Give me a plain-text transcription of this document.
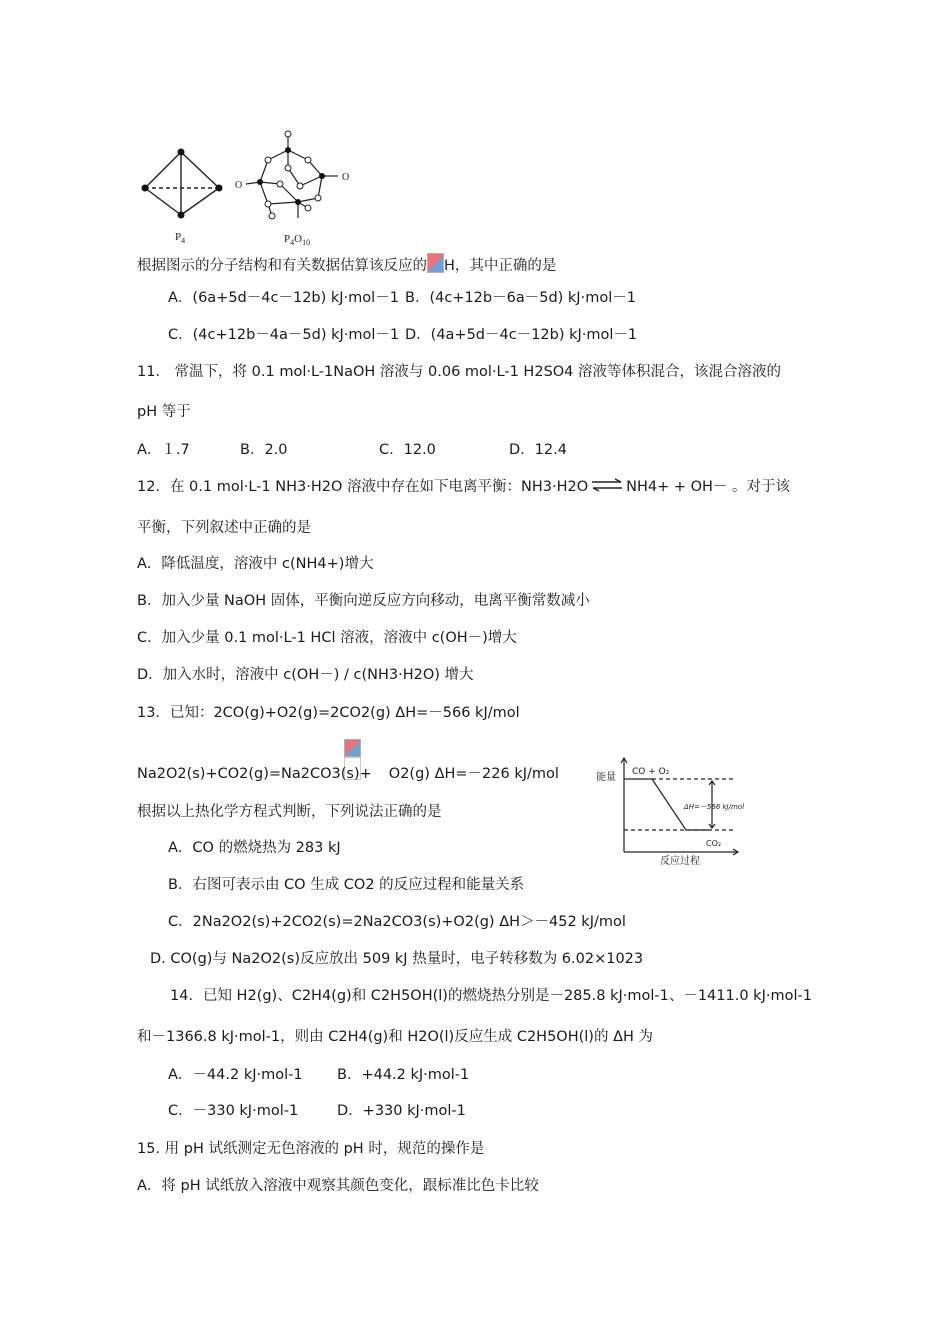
$P_4$
O
O
$P_4O_{10}$
根据图示的分子结构和有关数据估算该反应的 H，其中正确的是
A．(6a+5d－4c－12b) kJ·mol－1 B．(4c+12b－6a－5d) kJ·mol－1
C．(4c+12b－4a－5d) kJ·mol－1 D．(4a+5d－4c－12b) kJ·mol－1
11． 常温下，将 0.1 mol·L-1NaOH 溶液与 0.06 mol·L-1 H2SO4 溶液等体积混合，该混合溶液的
pH 等于
A．１.7	B．2.0	C．12.0	D．12.4
12．在 0.1 mol·L-1 NH3·H2O 溶液中存在如下电离平衡：NH3·H2O ⇌ NH4+ + OH－ 。对于该
平衡，下列叙述中正确的是
A．降低温度，溶液中 c(NH4+)增大
B．加入少量 NaOH 固体，平衡向逆反应方向移动，电离平衡常数减小
C．加入少量 0.1 mol·L-1 HCl 溶液，溶液中 c(OH－)增大
D．加入水时，溶液中 c(OH－) / c(NH3·H2O) 增大
13．已知：2CO(g)+O2(g)=2CO2(g) ΔH=－566 kJ/mol
Na2O2(s)+CO2(g)=Na2CO3(s)+ O2(g) ΔH=－226 kJ/mol
根据以上热化学方程式判断，下列说法正确的是
A．CO 的燃烧热为 283 kJ
B．右图可表示由 CO 生成 CO2 的反应过程和能量关系
C．2Na2O2(s)+2CO2(s)=2Na2CO3(s)+O2(g) ΔH＞－452 kJ/mol
D. CO(g)与 Na2O2(s)反应放出 509 kJ 热量时，电子转移数为 6.02×1023
能量 CO + O₂
ΔH=－566 kJ/mol
CO₂
反应过程
14．已知 H2(g)、C2H4(g)和 C2H5OH(l)的燃烧热分别是－285.8 kJ·mol-1、－1411.0 kJ·mol-1
和－1366.8 kJ·mol-1，则由 C2H4(g)和 H2O(l)反应生成 C2H5OH(l)的 ΔH 为
A．－44.2 kJ·mol-1 B．+44.2 kJ·mol-1
C．－330 kJ·mol-1	D．+330 kJ·mol-1
15. 用 pH 试纸测定无色溶液的 pH 时，规范的操作是
A．将 pH 试纸放入溶液中观察其颜色变化，跟标准比色卡比较
